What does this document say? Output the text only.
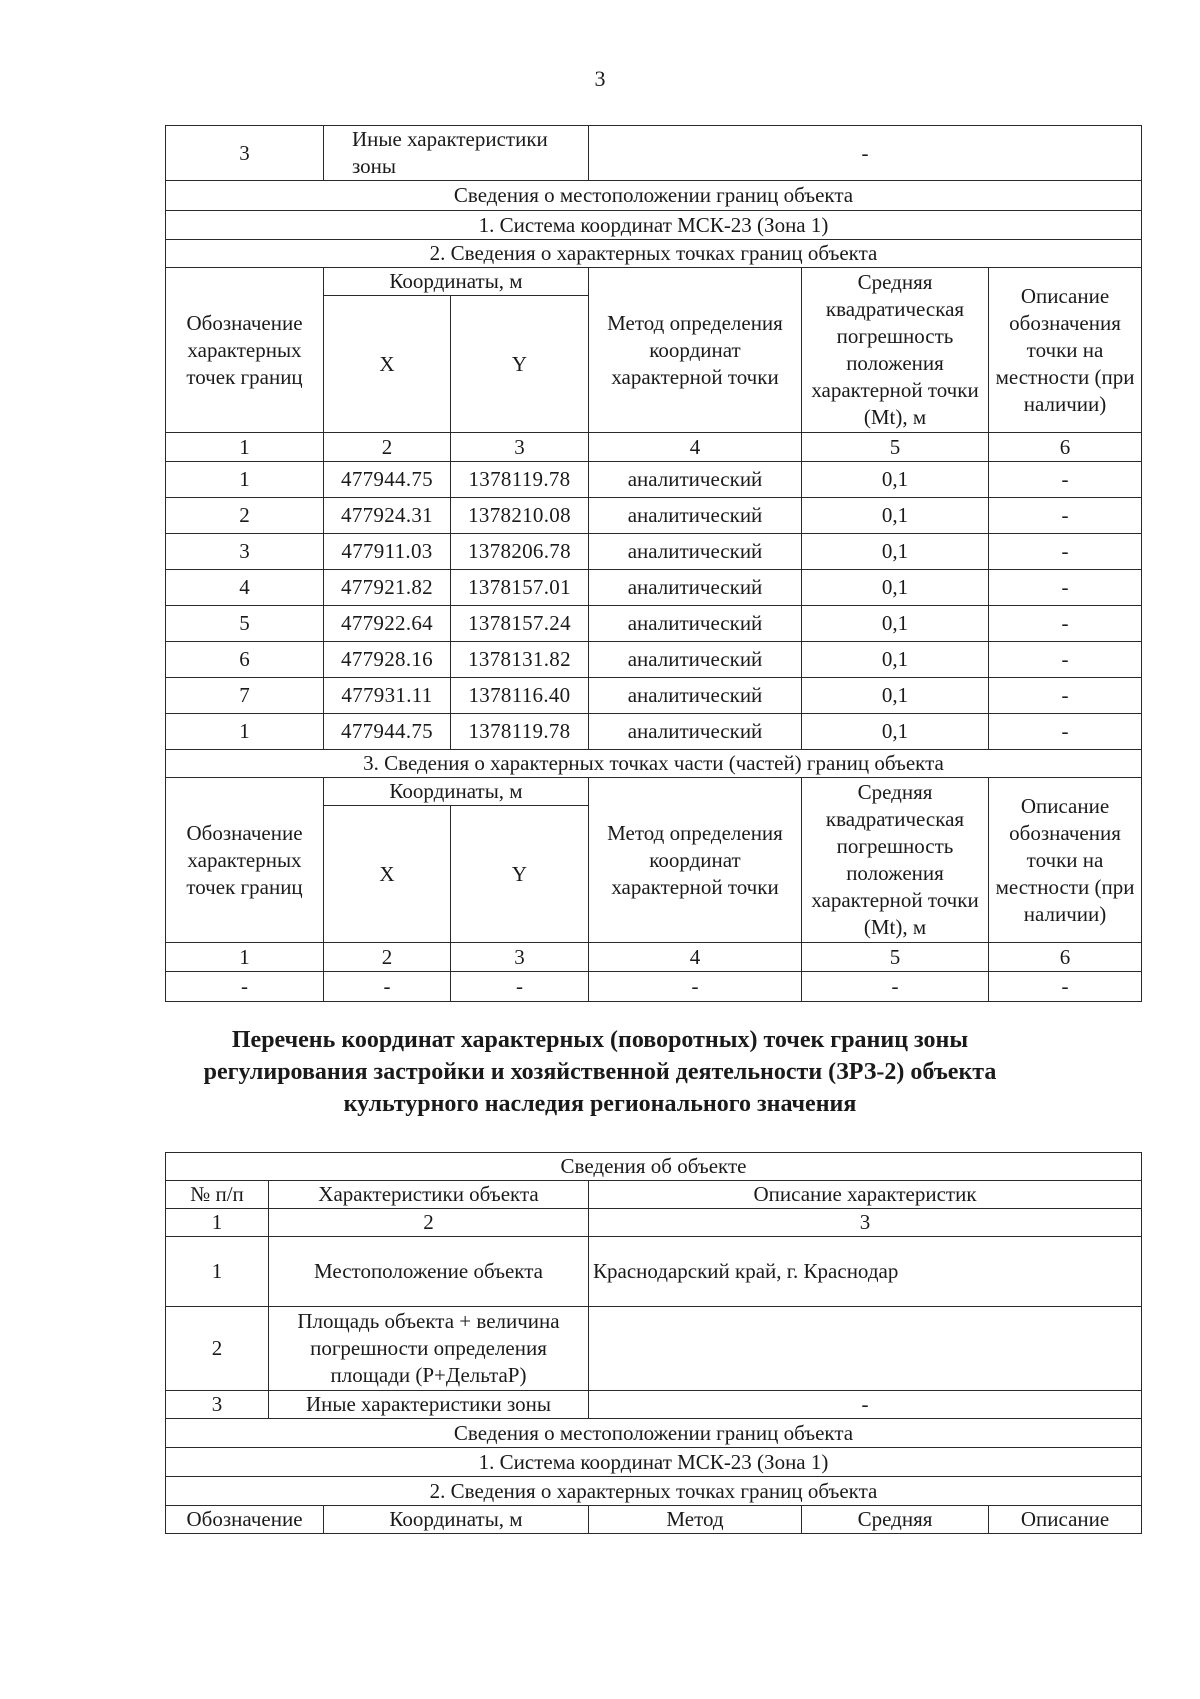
3
3	Иные характеристики зоны		-		
Сведения о местоположении границ объекта					
1. Система координат МСК-23 (Зона 1)					
2. Сведения о характерных точках границ объекта					
Обозначение характерных точек границ	Координаты, м		Метод определения координат характерной точки	Средняя квадратическая погрешность положения характерной точки (Mt), м	Описание обозначения точки на местности (при наличии)
	X	Y			
1	2	3	4	5	6
1	477944.75	1378119.78	аналитический	0,1	-
2	477924.31	1378210.08	аналитический	0,1	-
3	477911.03	1378206.78	аналитический	0,1	-
4	477921.82	1378157.01	аналитический	0,1	-
5	477922.64	1378157.24	аналитический	0,1	-
6	477928.16	1378131.82	аналитический	0,1	-
7	477931.11	1378116.40	аналитический	0,1	-
1	477944.75	1378119.78	аналитический	0,1	-
3. Сведения о характерных точках части (частей) границ объекта					
Обозначение характерных точек границ	Координаты, м		Метод определения координат характерной точки	Средняя квадратическая погрешность положения характерной точки (Mt), м	Описание обозначения точки на местности (при наличии)
	X	Y			
1	2	3	4	5	6
-	-	-	-	-	-
Перечень координат характерных (поворотных) точек границ зоны
регулирования застройки и хозяйственной деятельности (ЗРЗ-2) объекта
культурного наследия регионального значения
Сведения об объекте					
№ п/п	Характеристики объекта		Описание характеристик		
1	2		3		
1	Местоположение объекта		Краснодарский край, г. Краснодар		
2	Площадь объекта + величина погрешности определения площади (P+ДельтаP)				
3	Иные характеристики зоны		-		
Сведения о местоположении границ объекта					
1. Система координат МСК-23 (Зона 1)					
2. Сведения о характерных точках границ объекта					
Обозначение		Координаты, м	Метод	Средняя	Описание
